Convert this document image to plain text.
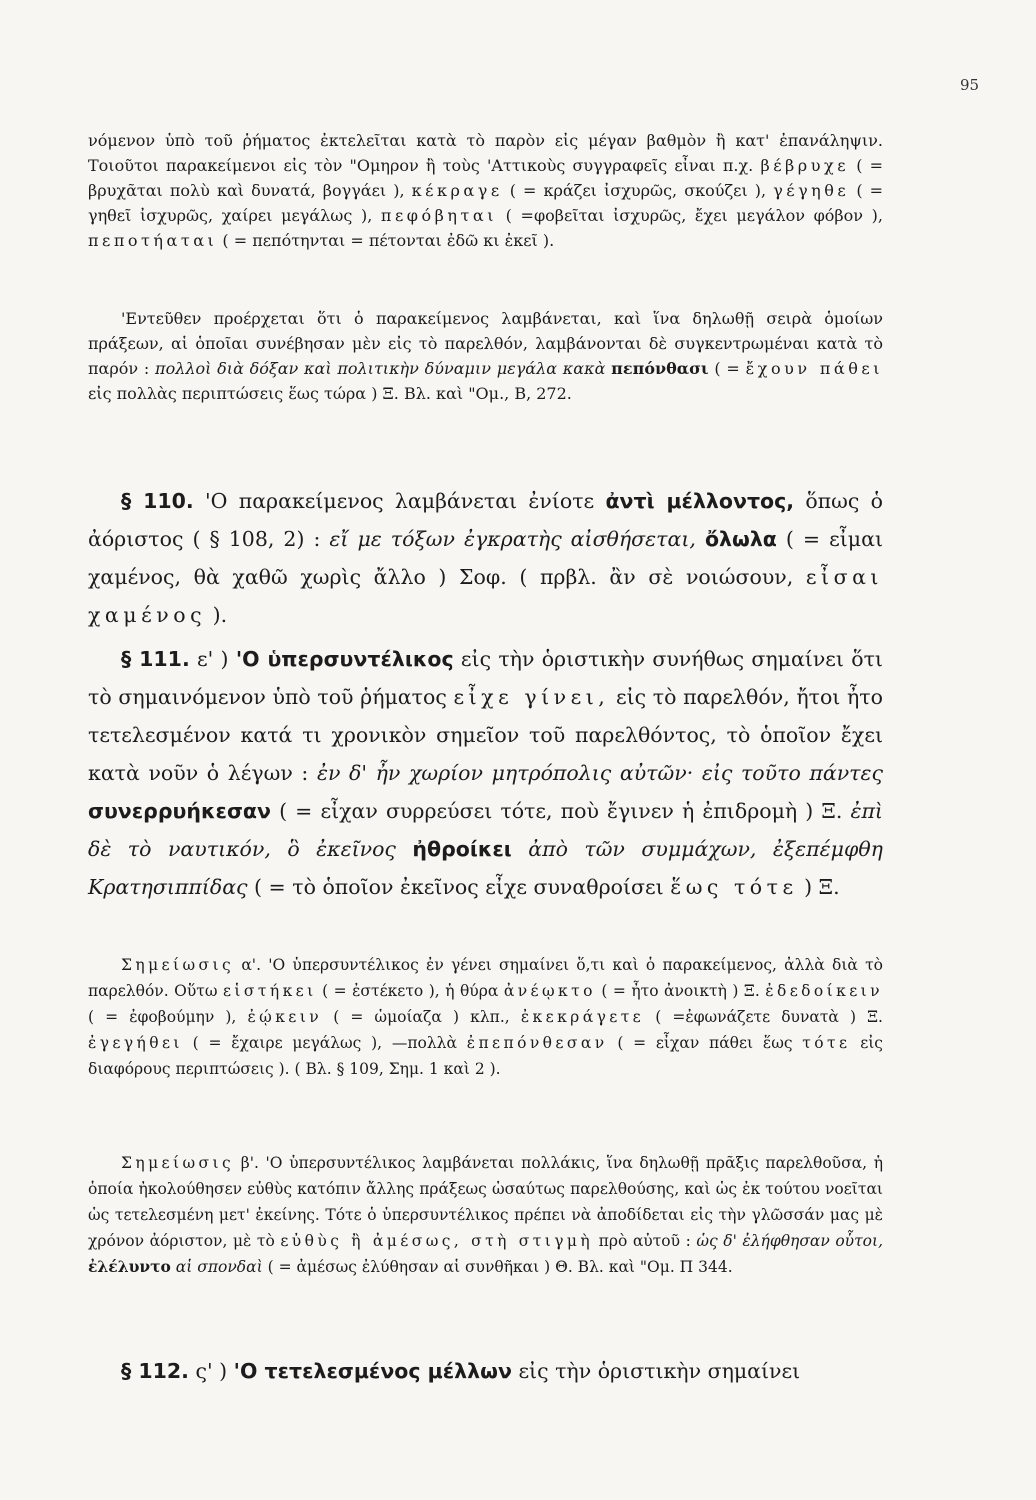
95

νόμενον ὑπὸ τοῦ ῥήματος ἐκτελεῖται κατὰ τὸ παρὸν εἰς μέγαν βαθμὸν ἢ κατ' ἐπανάληψιν. Τοιοῦτοι παρακείμενοι εἰς τὸν "Ομηρον ἢ τοὺς 'Αττικοὺς συγγραφεῖς εἶναι π.χ. βέβρυχε ( = βρυχᾶται πολὺ καὶ δυνατά, βογγάει ), κέκραγε ( = κράζει ἰσχυρῶς, σκούζει ), γέγηθε ( = γηθεῖ ἰσχυρῶς, χαίρει μεγάλως ), πεφόβηται ( =φοβεῖται ἰσχυρῶς, ἔχει μεγάλον φόβον ), πεποτήαται ( = πεπότηνται = πέτονται ἐδῶ κι ἐκεῖ ).

'Εντεῦθεν προέρχεται ὅτι ὁ παρακείμενος λαμβάνεται, καὶ ἵνα δηλωθῇ σειρὰ ὁμοίων πράξεων, αἱ ὁποῖαι συνέβησαν μὲν εἰς τὸ παρελθόν, λαμβάνονται δὲ συγκεντρωμέναι κατὰ τὸ παρόν : πολλοὶ διὰ δόξαν καὶ πολιτικὴν δύναμιν μεγάλα κακὰ πεπόνθασι ( = ἔχουν πάθει εἰς πολλὰς περιπτώσεις ἕως τώρα ) Ξ. Βλ. καὶ "Ομ., Β, 272.

§ 110. 'Ο παρακείμενος λαμβάνεται ἐνίοτε ἀντὶ μέλλοντος, ὅπως ὁ ἀόριστος ( § 108, 2) : εἴ με τόξων ἐγκρατὴς αἰσθήσεται, ὄλωλα ( = εἶμαι χαμένος, θὰ χαθῶ χωρὶς ἄλλο ) Σοφ. ( πρβλ. ἂν σὲ νοιώσουν, εἶσαι χαμένος ).

§ 111. ε' ) 'Ο ὑπερσυντέλικος εἰς τὴν ὁριστικὴν συνήθως σημαίνει ὅτι τὸ σημαινόμενον ὑπὸ τοῦ ῥήματος εἶχε γίνει, εἰς τὸ παρελθόν, ἤτοι ἦτο τετελεσμένον κατά τι χρονικὸν σημεῖον τοῦ παρελθόντος, τὸ ὁποῖον ἔχει κατὰ νοῦν ὁ λέγων : ἐν δ' ἦν χωρίον μητρόπολις αὐτῶν· εἰς τοῦτο πάντες συνερρυήκεσαν ( = εἶχαν συρρεύσει τότε, ποὺ ἔγινεν ἡ ἐπιδρομὴ ) Ξ. ἐπὶ δὲ τὸ ναυτικόν, ὃ ἐκεῖνος ἠθροίκει ἀπὸ τῶν συμμάχων, ἐξεπέμφθη Κρατησιππίδας ( = τὸ ὁποῖον ἐκεῖνος εἶχε συναθροίσει ἕως τότε ) Ξ.

Σημείωσις α'. 'Ο ὑπερσυντέλικος ἐν γένει σημαίνει ὅ,τι καὶ ὁ παρακείμενος, ἀλλὰ διὰ τὸ παρελθόν. Οὕτω εἱστήκει ( = ἐστέκετο ), ἡ θύρα ἀνέῳκτο ( = ἦτο ἀνοικτὴ ) Ξ. ἐδεδοίκειν ( = ἐφοβούμην ), ἐῴκειν ( = ὡμοίαζα ) κλπ., ἐκεκράγετε ( =ἐφωνάζετε δυνατὰ ) Ξ. ἐγεγήθει ( = ἔχαιρε μεγάλως ), —πολλὰ ἐπεπόνθεσαν ( = εἶχαν πάθει ἕως τότε εἰς διαφόρους περιπτώσεις ). ( Βλ. § 109, Σημ. 1 καὶ 2 ).

Σημείωσις β'. 'Ο ὑπερσυντέλικος λαμβάνεται πολλάκις, ἵνα δηλωθῇ πρᾶξις παρελθοῦσα, ἡ ὁποία ἠκολούθησεν εὐθὺς κατόπιν ἄλλης πράξεως ὡσαύτως παρελθούσης, καὶ ὡς ἐκ τούτου νοεῖται ὡς τετελεσμένη μετ' ἐκείνης. Τότε ὁ ὑπερσυντέλικος πρέπει νὰ ἀποδίδεται εἰς τὴν γλῶσσάν μας μὲ χρόνον ἀόριστον, μὲ τὸ εὐθὺς ἢ ἀμέσως, στὴ στιγμὴ πρὸ αὐτοῦ : ὡς δ' ἐλήφθησαν οὗτοι, ἐλέλυντο αἱ σπονδαὶ ( = ἀμέσως ἐλύθησαν αἱ συνθῆκαι ) Θ. Βλ. καὶ "Ομ. Π 344.

§ 112. ς' ) 'Ο τετελεσμένος μέλλων εἰς τὴν ὁριστικὴν σημαίνει
